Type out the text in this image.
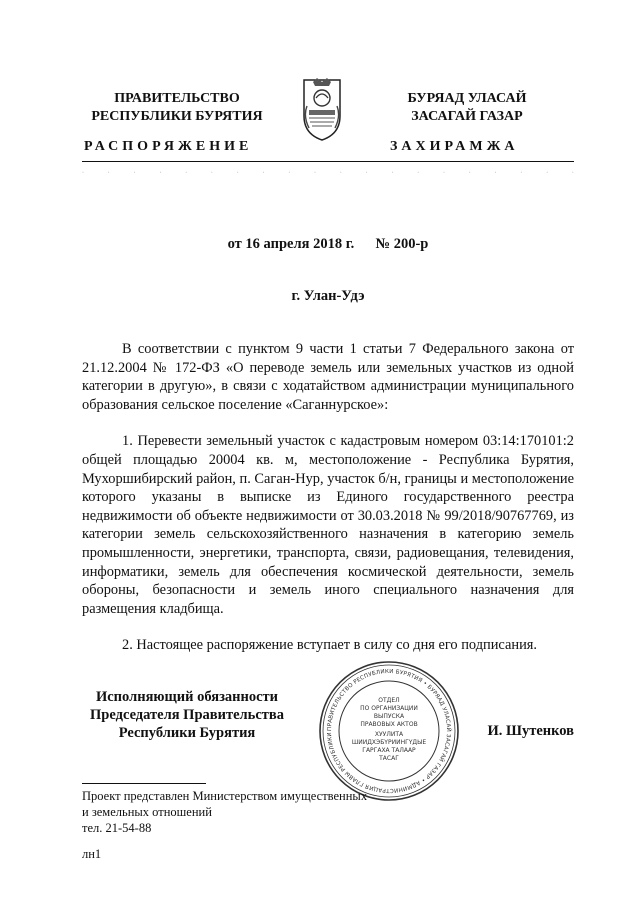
ПРАВИТЕЛЬСТВО
РЕСПУБЛИКИ БУРЯТИЯ
РАСПОРЯЖЕНИЕ
БУРЯАД УЛАСАЙ
ЗАСАГАЙ ГАЗАР
ЗАХИРАМЖА
·	·	·	·	·	·	·	·	·	·	·	·	·	·	·	·	·	·	·	·
от 16 апреля 2018 г. № 200-р
г. Улан-Удэ

В соответствии с пунктом 9 части 1 статьи 7 Федерального закона от 21.12.2004 № 172-ФЗ «О переводе земель или земельных участков из одной категории в другую», в связи с ходатайством администрации муниципального образования сельское поселение «Саганнурское»:

1. Перевести земельный участок с кадастровым номером 03:14:170101:2 общей площадью 20004 кв. м, местоположение - Республика Бурятия, Мухоршибирский район, п. Саган-Нур, участок б/н, границы и местоположение которого указаны в выписке из Единого государственного реестра недвижимости об объекте недвижимости от 30.03.2018 № 99/2018/90767769, из категории земель сельскохозяйственного назначения в категорию земель промышленности, энергетики, транспорта, связи, радиовещания, телевидения, информатики, земель для обеспечения космической деятельности, земель обороны, безопасности и земель иного специального назначения для размещения кладбища.

2. Настоящее распоряжение вступает в силу со дня его подписания.

Исполняющий обязанности
Председателя Правительства
Республики Бурятия	ПРАВИТЕЛЬСТВО РЕСПУБЛИКИ БУРЯТИЯ • БУРЯАД УЛАСАЙ ЗАСАГАЙ ГАЗАР • АДМИНИСТРАЦИЯ ГЛАВЫ РЕСПУБЛИКИ
ОТДЕЛ
ПО ОРГАНИЗАЦИИ
ВЫПУСКА
ПРАВОВЫХ АКТОВ
ХУУЛИТА
ШИИДХЭБҮРИИНГҮДЫЕ
ГАРГАХА ТАЛААР
ТАСАГ
И. Шутенков
Проект представлен Министерством имущественных
и земельных отношений
тел. 21-54-88
лн1
